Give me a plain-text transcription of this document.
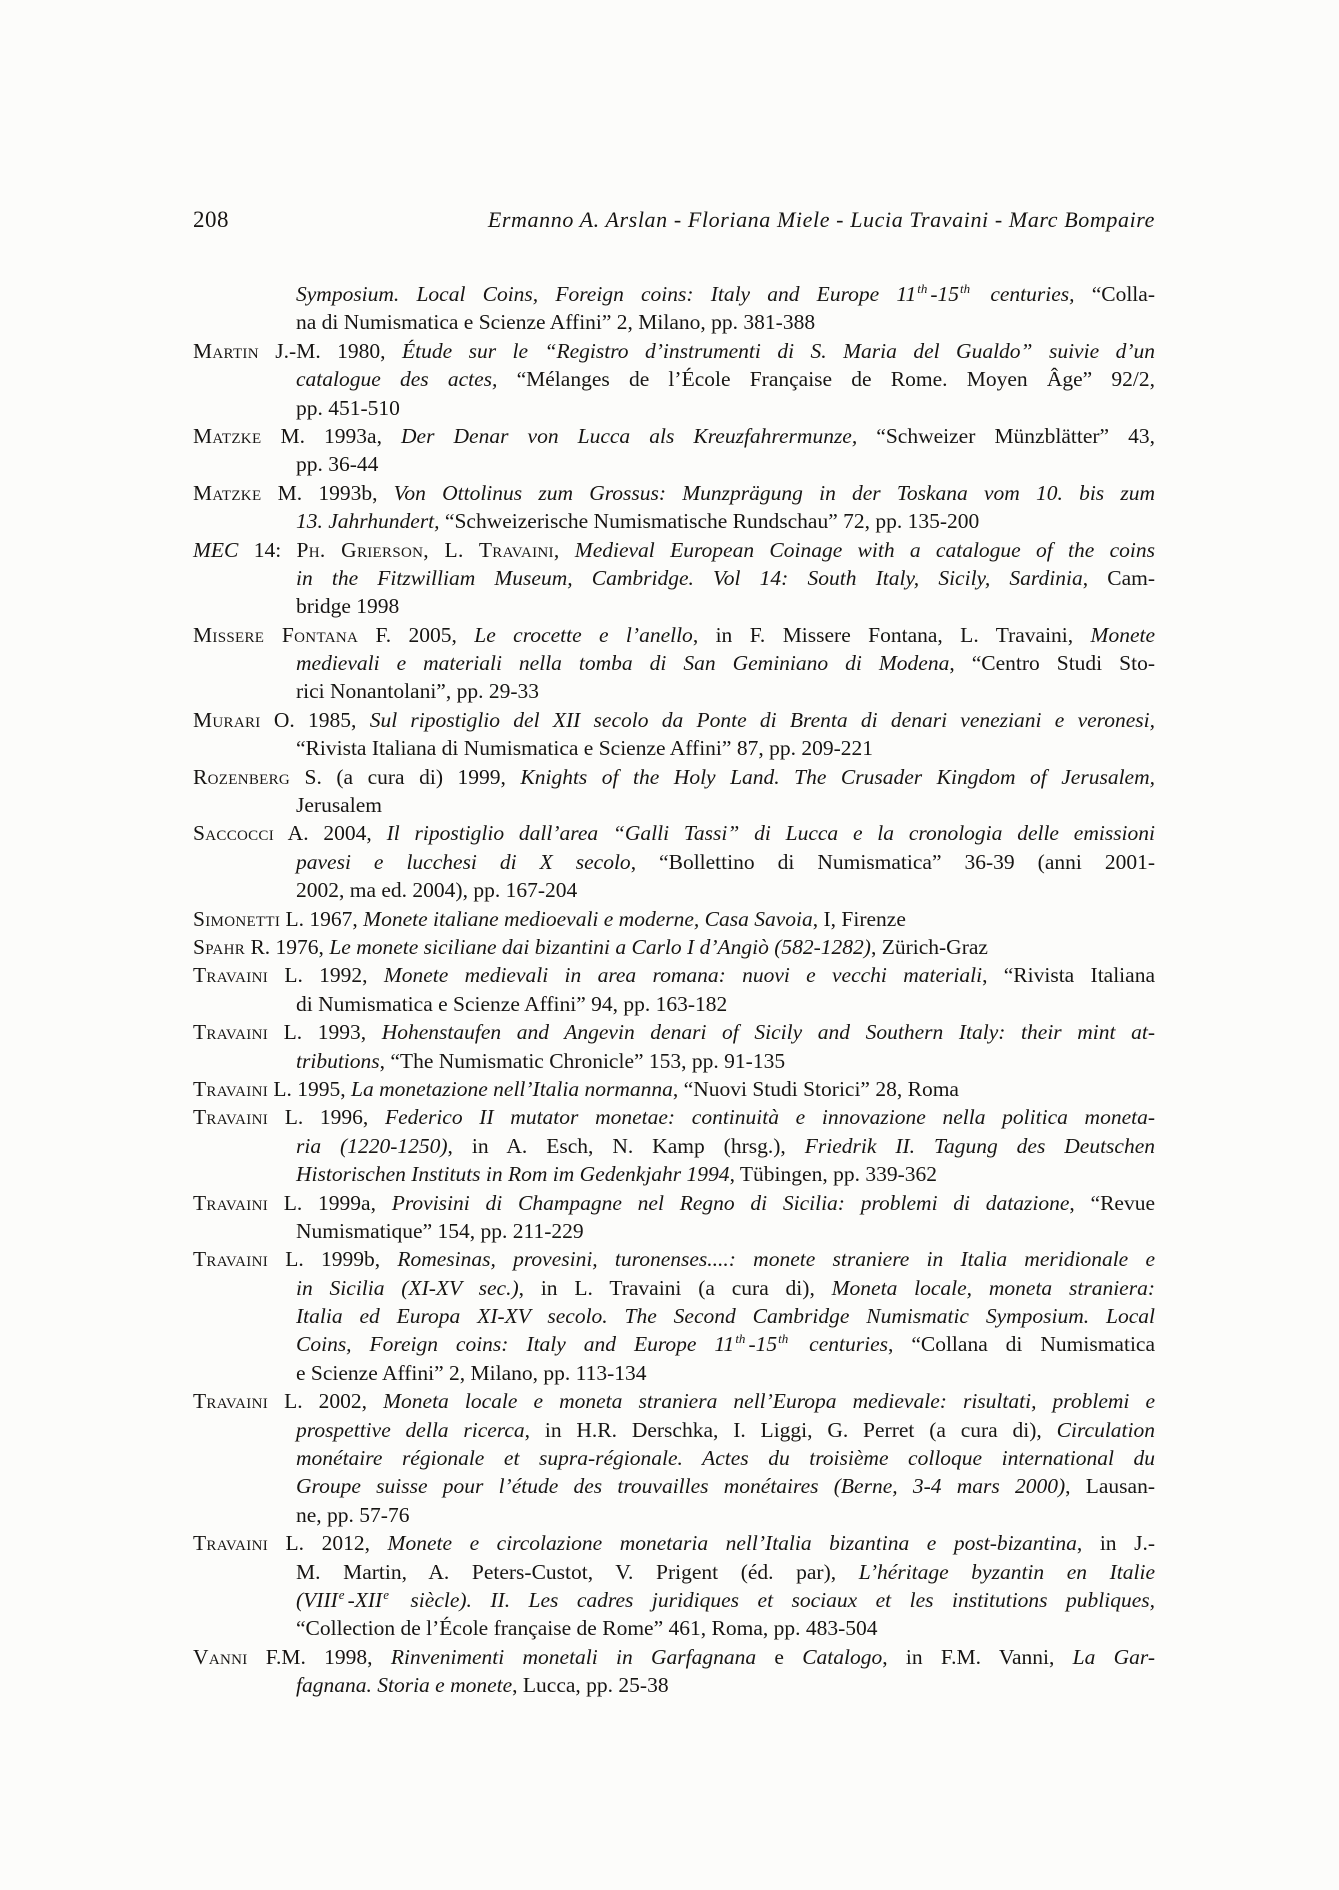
208	Ermanno A. Arslan - Floriana Miele - Lucia Travaini - Marc Bompaire

Symposium. Local Coins, Foreign coins: Italy and Europe 11th -15th centuries, “Colla-
na di Numismatica e Scienze Affini” 2, Milano, pp. 381-388

Martin J.-M. 1980, Étude sur le “Registro d’instrumenti di S. Maria del Gualdo” suivie d’un
catalogue des actes, “Mélanges de l’École Française de Rome. Moyen Âge” 92/2,
pp. 451-510

Matzke M. 1993a, Der Denar von Lucca als Kreuzfahrermunze, “Schweizer Münzblätter” 43,
pp. 36-44

Matzke M. 1993b, Von Ottolinus zum Grossus: Munzprägung in der Toskana vom 10. bis zum
13. Jahrhundert, “Schweizerische Numismatische Rundschau” 72, pp. 135-200

MEC 14: Ph. Grierson, L. Travaini, Medieval European Coinage with a catalogue of the coins
in the Fitzwilliam Museum, Cambridge. Vol 14: South Italy, Sicily, Sardinia, Cam-
bridge 1998

Missere Fontana F. 2005, Le crocette e l’anello, in F. Missere Fontana, L. Travaini, Monete
medievali e materiali nella tomba di San Geminiano di Modena, “Centro Studi Sto-
rici Nonantolani”, pp. 29-33

Murari O. 1985, Sul ripostiglio del XII secolo da Ponte di Brenta di denari veneziani e veronesi,
“Rivista Italiana di Numismatica e Scienze Affini” 87, pp. 209-221

Rozenberg S. (a cura di) 1999, Knights of the Holy Land. The Crusader Kingdom of Jerusalem,
Jerusalem

Saccocci A. 2004, Il ripostiglio dall’area “Galli Tassi” di Lucca e la cronologia delle emissioni
pavesi e lucchesi di X secolo, “Bollettino di Numismatica” 36-39 (anni 2001-
2002, ma ed. 2004), pp. 167-204

Simonetti L. 1967, Monete italiane medioevali e moderne, Casa Savoia, I, Firenze

Spahr R. 1976, Le monete siciliane dai bizantini a Carlo I d’Angiò (582-1282), Zürich-Graz

Travaini L. 1992, Monete medievali in area romana: nuovi e vecchi materiali, “Rivista Italiana
di Numismatica e Scienze Affini” 94, pp. 163-182

Travaini L. 1993, Hohenstaufen and Angevin denari of Sicily and Southern Italy: their mint at-
tributions, “The Numismatic Chronicle” 153, pp. 91-135

Travaini L. 1995, La monetazione nell’Italia normanna, “Nuovi Studi Storici” 28, Roma

Travaini L. 1996, Federico II mutator monetae: continuità e innovazione nella politica moneta-
ria (1220-1250), in A. Esch, N. Kamp (hrsg.), Friedrik II. Tagung des Deutschen
Historischen Instituts in Rom im Gedenkjahr 1994, Tübingen, pp. 339-362

Travaini L. 1999a, Provisini di Champagne nel Regno di Sicilia: problemi di datazione, “Revue
Numismatique” 154, pp. 211-229

Travaini L. 1999b, Romesinas, provesini, turonenses....: monete straniere in Italia meridionale e
in Sicilia (XI-XV sec.), in L. Travaini (a cura di), Moneta locale, moneta straniera:
Italia ed Europa XI-XV secolo. The Second Cambridge Numismatic Symposium. Local
Coins, Foreign coins: Italy and Europe 11th -15th centuries, “Collana di Numismatica
e Scienze Affini” 2, Milano, pp. 113-134

Travaini L. 2002, Moneta locale e moneta straniera nell’Europa medievale: risultati, problemi e
prospettive della ricerca, in H.R. Derschka, I. Liggi, G. Perret (a cura di), Circulation
monétaire régionale et supra-régionale. Actes du troisième colloque international du
Groupe suisse pour l’étude des trouvailles monétaires (Berne, 3-4 mars 2000), Lausan-
ne, pp. 57-76

Travaini L. 2012, Monete e circolazione monetaria nell’Italia bizantina e post-bizantina, in J.-
M. Martin, A. Peters-Custot, V. Prigent (éd. par), L’héritage byzantin en Italie
(VIIIe -XIIe siècle). II. Les cadres juridiques et sociaux et les institutions publiques,
“Collection de l’École française de Rome” 461, Roma, pp. 483-504

Vanni F.M. 1998, Rinvenimenti monetali in Garfagnana e Catalogo, in F.M. Vanni, La Gar-
fagnana. Storia e monete, Lucca, pp. 25-38
